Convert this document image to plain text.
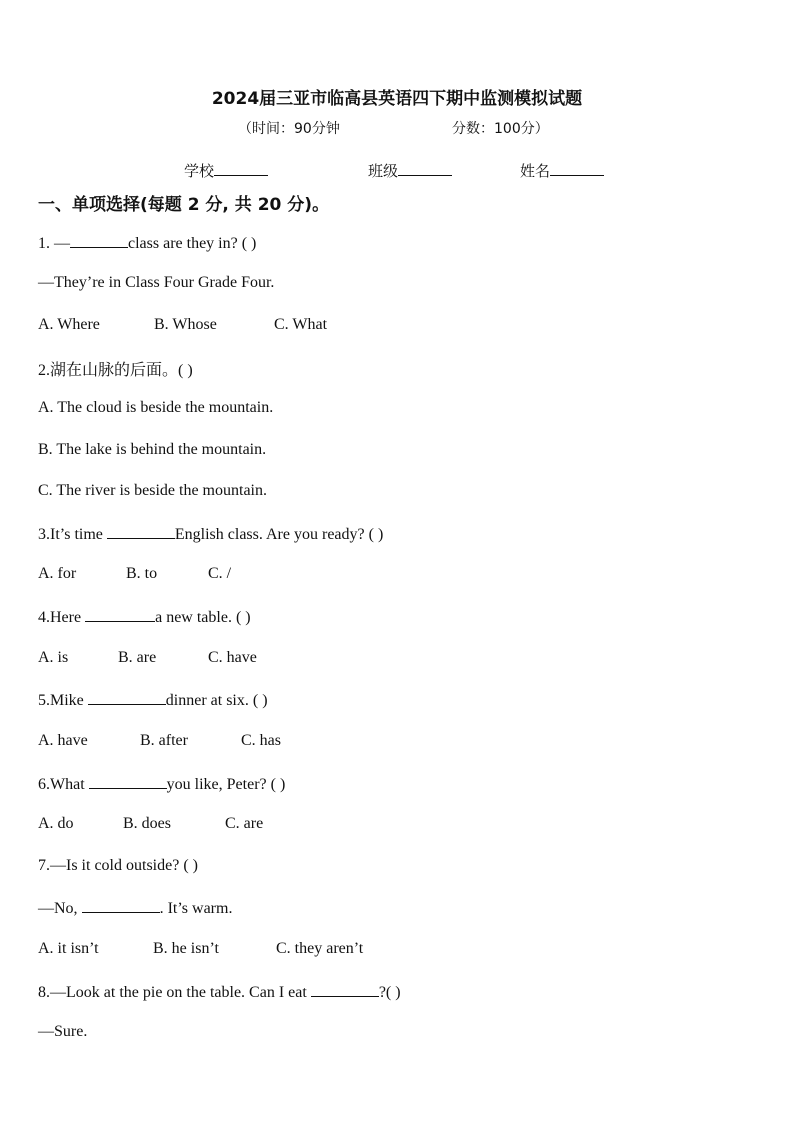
2024届三亚市临高县英语四下期中监测模拟试题
（时间：90分钟	分数：100分）
学校	班级	姓名
一、单项选择(每题 2 分, 共 20 分)。
1. —	class are they in? ( )
—They’re in Class Four Grade Four.
A. Where	B. Whose	C. What
2.湖在山脉的后面。( )
A. The cloud is beside the mountain.
B. The lake is behind the mountain.
C. The river is beside the mountain.
3.It’s time	English class. Are you ready? ( )
A. for	B. to	C. /
4.Here	a new table. ( )
A. is	B. are	C. have
5.Mike	dinner at six. ( )
A. have	B. after	C. has
6.What	you like, Peter? ( )
A. do	B. does	C. are
7.—Is it cold outside? ( )
—No,	. It’s warm.
A. it isn’t	B. he isn’t	C. they aren’t
8.—Look at the pie on the table. Can I eat	?( )
—Sure.
